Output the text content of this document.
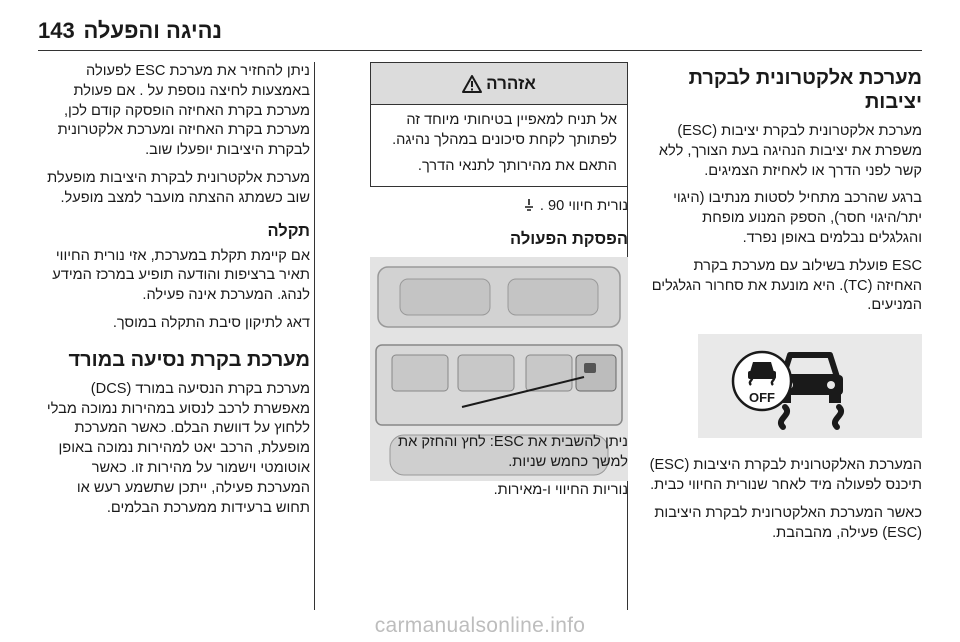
143 נהיגה והפעלה
מערכת אלקטרונית לבקרת יציבות

מערכת אלקטרונית לבקרת יציבות (ESC) משפרת את יציבות הנהיגה בעת הצורך, ללא קשר לפני הדרך או לאחיזת הצמיגים.

ברגע שהרכב מתחיל לסטות מנתיבו (היגוי יתר/היגוי חסר), הספק המנוע מופחת והגלגלים נבלמים באופן נפרד.

ESC פועלת בשילוב עם מערכת בקרת האחיזה (TC). היא מונעת את סחרור הגלגלים המניעים.

המערכת האלקטרונית לבקרת היציבות (ESC) תיכנס לפעולה מיד לאחר שנורית החיווי כבית.

כאשר המערכת האלקטרונית לבקרת היציבות (ESC) פעילה, מהבהבת.

אזהרה

אל תניח למאפיין בטיחותי מיוחד זה לפתותך לקחת סיכונים במהלך נהיגה.

התאם את מהירותך לתנאי הדרך.

נורית חיווי 90 .

הפסקת הפעולה

OFF

ניתן להשבית את ESC: לחץ והחזק את למשך כחמש שניות.

נוריות החיווי ו-מאירות.

ניתן להחזיר את מערכת ESC לפעולה באמצעות לחיצה נוספת על . אם פעולת מערכת בקרת האחיזה הופסקה קודם לכן, מערכת בקרת האחיזה ומערכת אלקטרונית לבקרת היציבות יופעלו שוב.

מערכת אלקטרונית לבקרת היציבות מופעלת שוב כשמתג ההצתה מועבר למצב מופעל.

תקלה

אם קיימת תקלת במערכת, אזי נורית החיווי תאיר ברציפות והודעה תופיע במרכז המידע לנהג. המערכת אינה פעילה.

דאג לתיקון סיבת התקלה במוסך.

מערכת בקרת נסיעה במורד

מערכת בקרת הנסיעה במורד (DCS) מאפשרת לרכב לנסוע במהירות נמוכה מבלי ללחוץ על דוושת הבלם. כאשר המערכת מופעלת, הרכב יאט למהירות נמוכה באופן אוטומטי וישמור על מהירות זו. כאשר המערכת פעילה, ייתכן שתשמע רעש או תחוש ברעידות ממערכת הבלמים.

carmanualsonline.info
